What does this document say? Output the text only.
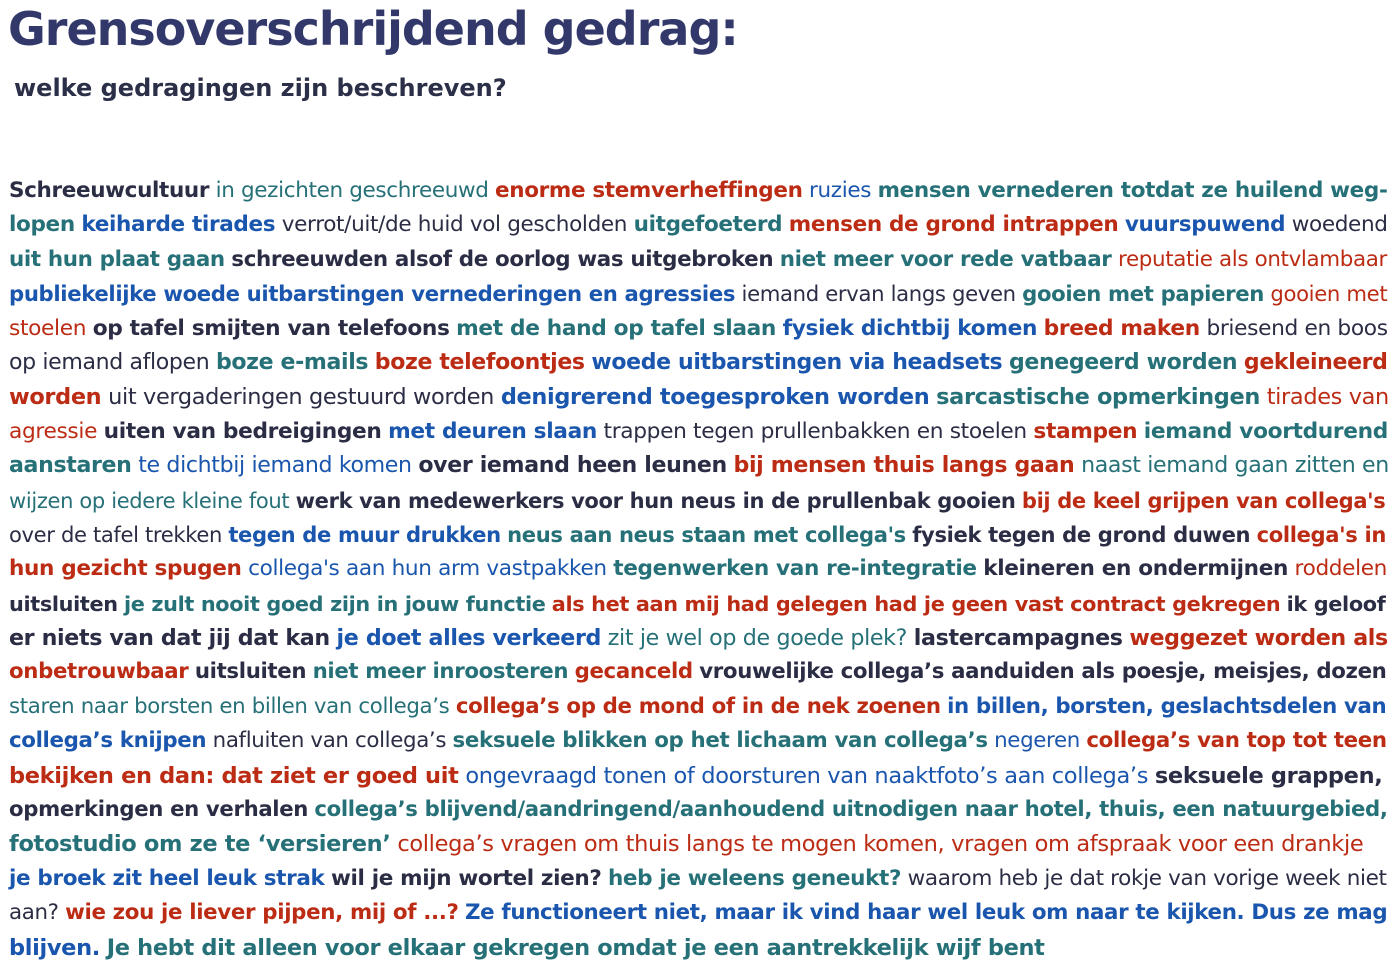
Grensoverschrijdend gedrag:
welke gedragingen zijn beschreven?
Schreeuwcultuur in gezichten geschreeuwd enorme stemverheffingen ruzies mensen vernederen totdat ze huilend weg-
lopen keiharde tirades verrot/uit/de huid vol gescholden uitgefoeterd mensen de grond intrappen vuurspuwend woedend
uit hun plaat gaan schreeuwden alsof de oorlog was uitgebroken niet meer voor rede vatbaar reputatie als ontvlambaar
publiekelijke woede uitbarstingen vernederingen en agressies iemand ervan langs geven gooien met papieren gooien met
stoelen op tafel smijten van telefoons met de hand op tafel slaan fysiek dichtbij komen breed maken briesend en boos
op iemand aflopen boze e-mails boze telefoontjes woede uitbarstingen via headsets genegeerd worden gekleineerd
worden uit vergaderingen gestuurd worden denigrerend toegesproken worden sarcastische opmerkingen tirades van
agressie uiten van bedreigingen met deuren slaan trappen tegen prullenbakken en stoelen stampen iemand voortdurend
aanstaren te dichtbij iemand komen over iemand heen leunen bij mensen thuis langs gaan naast iemand gaan zitten en
wijzen op iedere kleine fout werk van medewerkers voor hun neus in de prullenbak gooien bij de keel grijpen van collega's
over de tafel trekken tegen de muur drukken neus aan neus staan met collega's fysiek tegen de grond duwen collega's in
hun gezicht spugen collega's aan hun arm vastpakken tegenwerken van re-integratie kleineren en ondermijnen roddelen
uitsluiten je zult nooit goed zijn in jouw functie als het aan mij had gelegen had je geen vast contract gekregen ik geloof
er niets van dat jij dat kan je doet alles verkeerd zit je wel op de goede plek? lastercampagnes weggezet worden als
onbetrouwbaar uitsluiten niet meer inroosteren gecanceld vrouwelijke collega’s aanduiden als poesje, meisjes, dozen
staren naar borsten en billen van collega’s collega’s op de mond of in de nek zoenen in billen, borsten, geslachtsdelen van
collega’s knijpen nafluiten van collega’s seksuele blikken op het lichaam van collega’s negeren collega’s van top tot teen
bekijken en dan: dat ziet er goed uit ongevraagd tonen of doorsturen van naaktfoto’s aan collega’s seksuele grappen,
opmerkingen en verhalen collega’s blijvend/aandringend/aanhoudend uitnodigen naar hotel, thuis, een natuurgebied,
fotostudio om ze te ‘versieren’ collega’s vragen om thuis langs te mogen komen, vragen om afspraak voor een drankje
je broek zit heel leuk strak wil je mijn wortel zien? heb je weleens geneukt? waarom heb je dat rokje van vorige week niet
aan? wie zou je liever pijpen, mij of ...? Ze functioneert niet, maar ik vind haar wel leuk om naar te kijken. Dus ze mag
blijven. Je hebt dit alleen voor elkaar gekregen omdat je een aantrekkelijk wijf bent
